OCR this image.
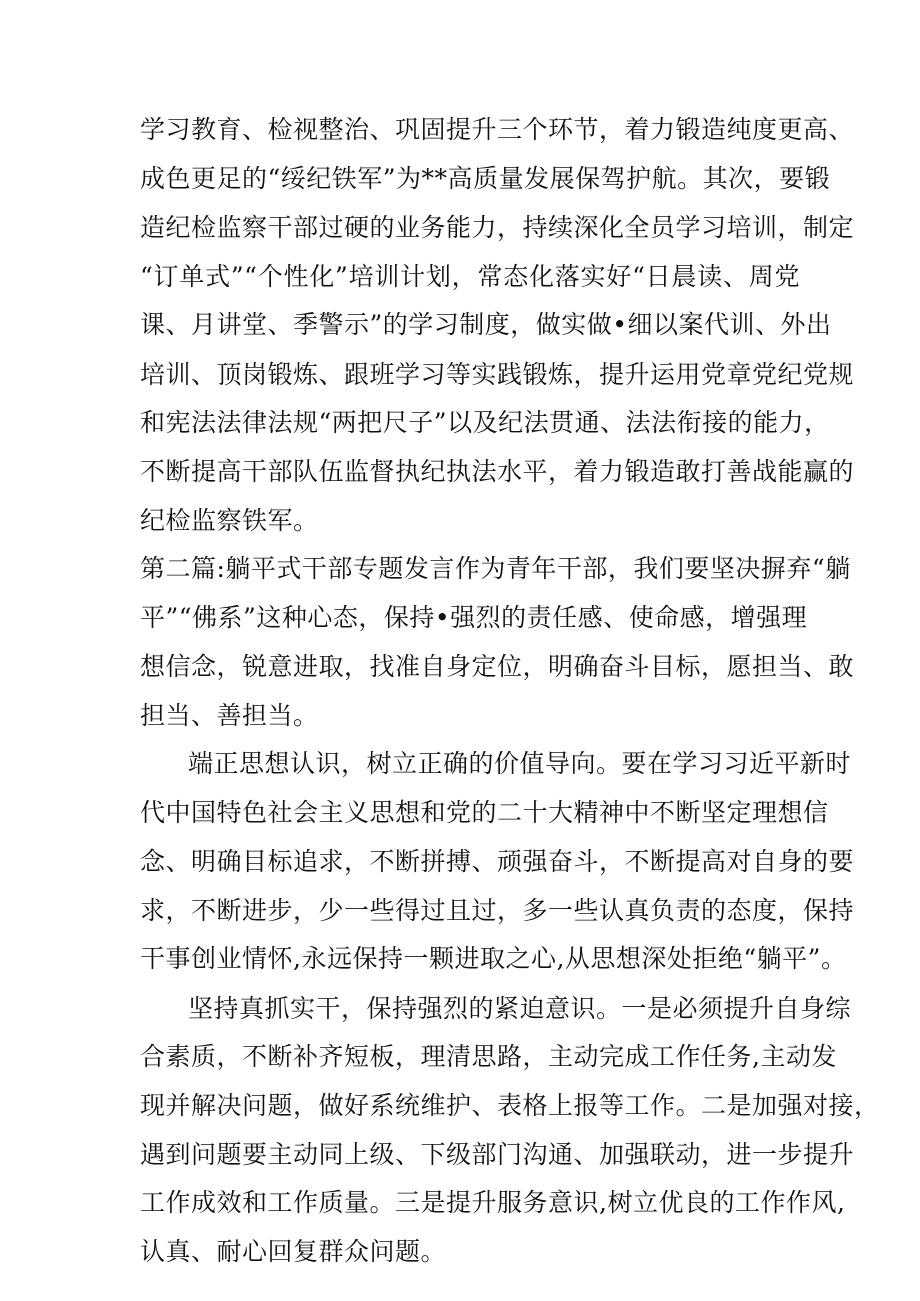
学习教育、检视整治、巩固提升三个环节，着力锻造纯度更高、
成色更足的“绥纪铁军”为**高质量发展保驾护航。其次，要锻
造纪检监察干部过硬的业务能力，持续深化全员学习培训，制定
“订单式”“个性化”培训计划，常态化落实好“日晨读、周党
课、月讲堂、季警示”的学习制度，做实做•细以案代训、外出
培训、顶岗锻炼、跟班学习等实践锻炼，提升运用党章党纪党规
和宪法法律法规“两把尺子”以及纪法贯通、法法衔接的能力，
不断提高干部队伍监督执纪执法水平，着力锻造敢打善战能赢的
纪检监察铁军。
第二篇:躺平式干部专题发言作为青年干部，我们要坚决摒弃“躺
平”“佛系”这种心态，保持•强烈的责任感、使命感，增强理
想信念，锐意进取，找准自身定位，明确奋斗目标，愿担当、敢
担当、善担当。
端正思想认识，树立正确的价值导向。要在学习习近平新时
代中国特色社会主义思想和党的二十大精神中不断坚定理想信
念、明确目标追求，不断拼搏、顽强奋斗，不断提高对自身的要
求，不断进步，少一些得过且过，多一些认真负责的态度，保持
干事创业情怀,永远保持一颗进取之心,从思想深处拒绝“躺平”。
坚持真抓实干，保持强烈的紧迫意识。一是必须提升自身综
合素质，不断补齐短板，理清思路，主动完成工作任务,主动发
现并解决问题，做好系统维护、表格上报等工作。二是加强对接，
遇到问题要主动同上级、下级部门沟通、加强联动，进一步提升
工作成效和工作质量。三是提升服务意识,树立优良的工作作风,
认真、耐心回复群众问题。
